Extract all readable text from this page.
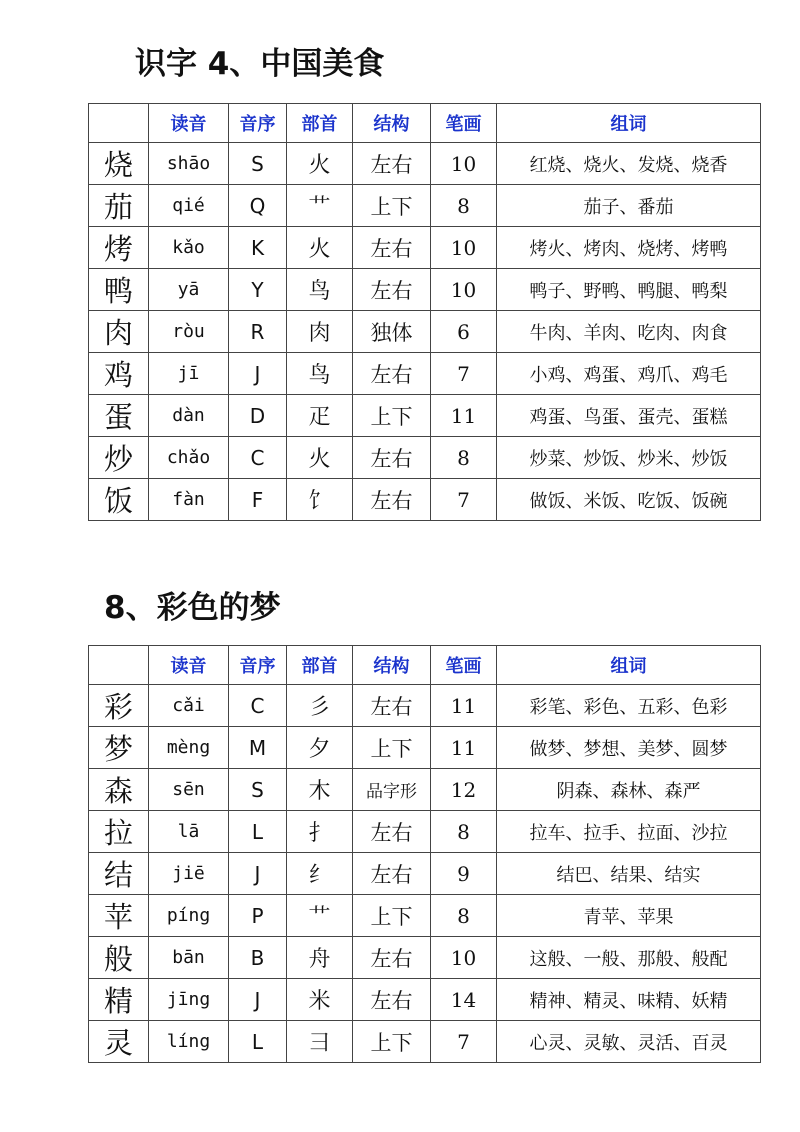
识字 4、中国美食
	读音	音序	部首	结构	笔画	组词
烧	shāo	S	火	左右	10	红烧、烧火、发烧、烧香
茄	qié	Q	艹	上下	8	茄子、番茄
烤	kǎo	K	火	左右	10	烤火、烤肉、烧烤、烤鸭
鸭	yā	Y	鸟	左右	10	鸭子、野鸭、鸭腿、鸭梨
肉	ròu	R	肉	独体	6	牛肉、羊肉、吃肉、肉食
鸡	jī	J	鸟	左右	7	小鸡、鸡蛋、鸡爪、鸡毛
蛋	dàn	D	疋	上下	11	鸡蛋、鸟蛋、蛋壳、蛋糕
炒	chǎo	C	火	左右	8	炒菜、炒饭、炒米、炒饭
饭	fàn	F	饣	左右	7	做饭、米饭、吃饭、饭碗
8、彩色的梦
	读音	音序	部首	结构	笔画	组词
彩	cǎi	C	彡	左右	11	彩笔、彩色、五彩、色彩
梦	mèng	M	夕	上下	11	做梦、梦想、美梦、圆梦
森	sēn	S	木	品字形	12	阴森、森林、森严
拉	lā	L	扌	左右	8	拉车、拉手、拉面、沙拉
结	jiē	J	纟	左右	9	结巴、结果、结实
苹	píng	P	艹	上下	8	青苹、苹果
般	bān	B	舟	左右	10	这般、一般、那般、般配
精	jīng	J	米	左右	14	精神、精灵、味精、妖精
灵	líng	L	彐	上下	7	心灵、灵敏、灵活、百灵
